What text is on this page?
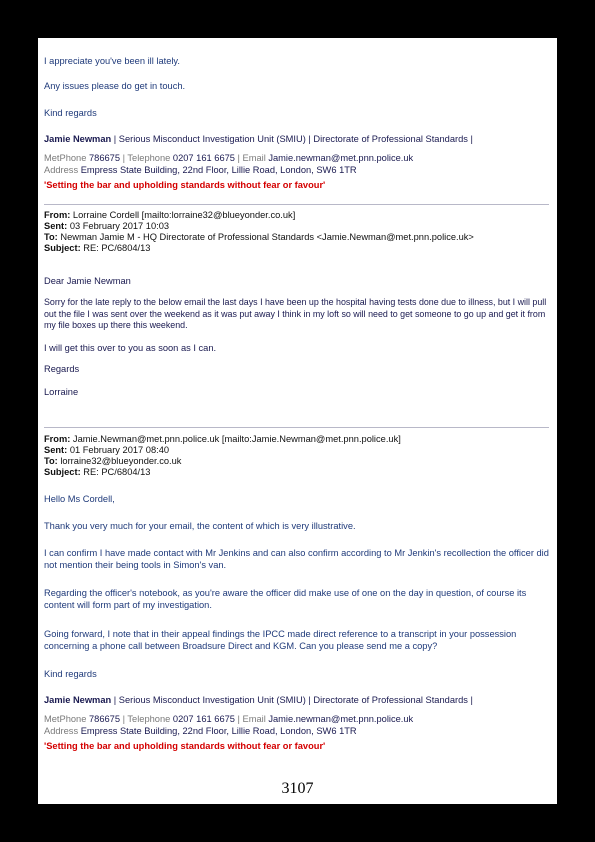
I appreciate you've been ill lately.

Any issues please do get in touch.

Kind regards

Jamie Newman | Serious Misconduct Investigation Unit (SMIU) | Directorate of Professional Standards |

MetPhone 786675 | Telephone 0207 161 6675 | Email Jamie.newman@met.pnn.police.uk

Address Empress State Building, 22nd Floor, Lillie Road, London, SW6 1TR

'Setting the bar and upholding standards without fear or favour'

From: Lorraine Cordell [mailto:lorraine32@blueyonder.co.uk]

Sent: 03 February 2017 10:03

To: Newman Jamie M - HQ Directorate of Professional Standards <Jamie.Newman@met.pnn.police.uk>

Subject: RE: PC/6804/13

Dear Jamie Newman

Sorry for the late reply to the below email the last days I have been up the hospital having tests done due to illness, but I will pull out the file I was sent over the weekend as it was put away I think in my loft so will need to get someone to go up and get it from my file boxes up there this weekend.

I will get this over to you as soon as I can.

Regards

Lorraine

From: Jamie.Newman@met.pnn.police.uk [mailto:Jamie.Newman@met.pnn.police.uk]

Sent: 01 February 2017 08:40

To: lorraine32@blueyonder.co.uk

Subject: RE: PC/6804/13

Hello Ms Cordell,

Thank you very much for your email, the content of which is very illustrative.

I can confirm I have made contact with Mr Jenkins and can also confirm according to Mr Jenkin's recollection the officer did not mention their being tools in Simon's van.

Regarding the officer's notebook, as you're aware the officer did make use of one on the day in question, of course its content will form part of my investigation.

Going forward, I note that in their appeal findings the IPCC made direct reference to a transcript in your possession concerning a phone call between Broadsure Direct and KGM. Can you please send me a copy?

Kind regards

Jamie Newman | Serious Misconduct Investigation Unit (SMIU) | Directorate of Professional Standards |

MetPhone 786675 | Telephone 0207 161 6675 | Email Jamie.newman@met.pnn.police.uk

Address Empress State Building, 22nd Floor, Lillie Road, London, SW6 1TR

'Setting the bar and upholding standards without fear or favour'

3107
